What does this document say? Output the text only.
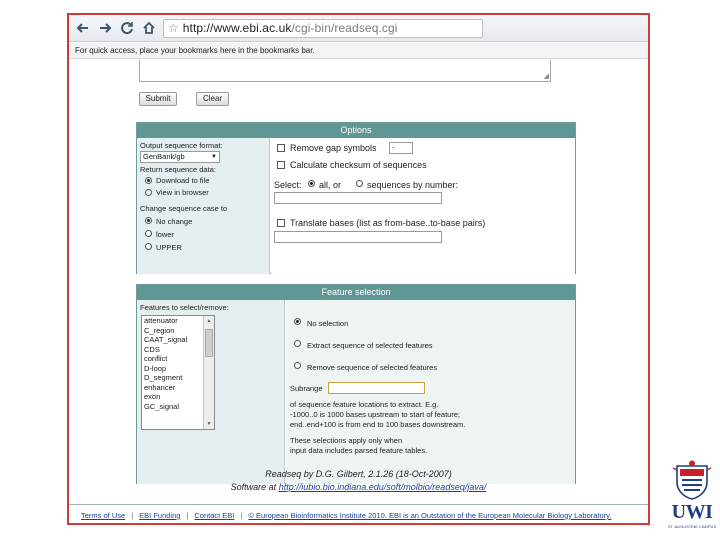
☆ http://www.ebi.ac.uk/cgi-bin/readseq.cgi
For quick access, place your bookmarks here in the bookmarks bar.
◢
Submit	Clear
Options
Output sequence format:
GenBank/gb	▼
Return sequence data:
Download to file
View in browser
Change sequence case to
No change
lower
UPPER
Remove gap symbols	-
Calculate checksum of sequences
Select: all, or	sequences by number:
Translate bases (list as from-base..to-base pairs)
Feature selection
Features to select/remove:
attenuator
C_region
CAAT_signal
CDS
conflict
D-loop
D_segment
enhancer
exon
GC_signal
▲
▼
No selection
Extract sequence of selected features
Remove sequence of selected features
Subrange
of sequence feature locations to extract. E.g.
-1000..0 is 1000 bases upstream to start of feature;
end..end+100 is from end to 100 bases downstream.
These selections apply only when
input data includes parsed feature tables.
Readseq by D.G. Gilbert, 2.1.26 (18-Oct-2007)
Software at http://iubio.bio.indiana.edu/soft/molbio/readseq/java/
Terms of Use | EBI Funding | Contact EBI | © European Bioinformatics Institute 2010. EBI is an Outstation of the European Molecular Biology Laboratory.	UWI
ST. AUGUSTINE CAMPUS
